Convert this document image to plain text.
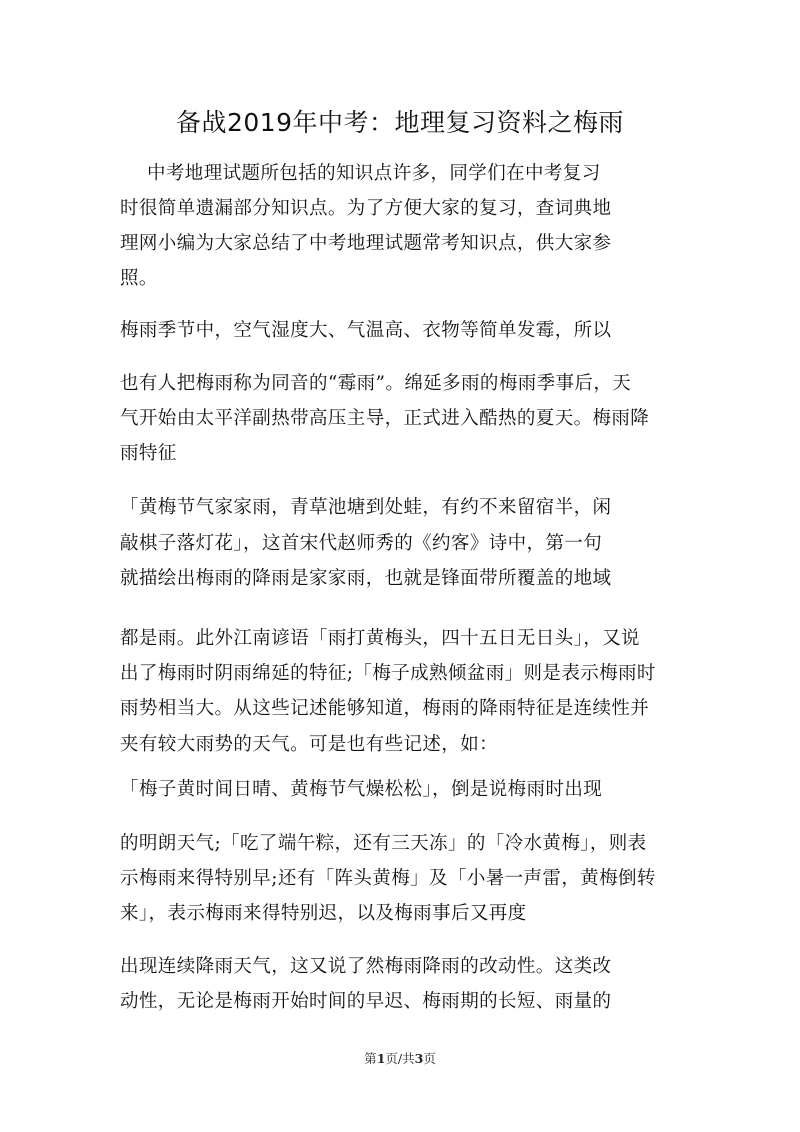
备战2019年中考：地理复习资料之梅雨
中考地理试题所包括的知识点许多，同学们在中考复习
时很简单遗漏部分知识点。为了方便大家的复习，查词典地
理网小编为大家总结了中考地理试题常考知识点，供大家参
照。
梅雨季节中，空气湿度大、气温高、衣物等简单发霉，所以
也有人把梅雨称为同音的“霉雨”。绵延多雨的梅雨季事后，天
气开始由太平洋副热带高压主导，正式进入酷热的夏天。梅雨降
雨特征
「黄梅节气家家雨，青草池塘到处蛙，有约不来留宿半，闲
敲棋子落灯花」，这首宋代赵师秀的《约客》诗中，第一句
就描绘出梅雨的降雨是家家雨，也就是锋面带所覆盖的地域
都是雨。此外江南谚语「雨打黄梅头，四十五日无日头」，又说
出了梅雨时阴雨绵延的特征;「梅子成熟倾盆雨」则是表示梅雨时
雨势相当大。从这些记述能够知道，梅雨的降雨特征是连续性并
夹有较大雨势的天气。可是也有些记述，如：
「梅子黄时间日晴、黄梅节气燥松松」，倒是说梅雨时出现
的明朗天气;「吃了端午粽，还有三天冻」的「冷水黄梅」，则表
示梅雨来得特别早;还有「阵头黄梅」及「小暑一声雷，黄梅倒转
来」，表示梅雨来得特别迟，以及梅雨事后又再度
出现连续降雨天气，这又说了然梅雨降雨的改动性。这类改
动性，无论是梅雨开始时间的早迟、梅雨期的长短、雨量的
第1页/共3页
